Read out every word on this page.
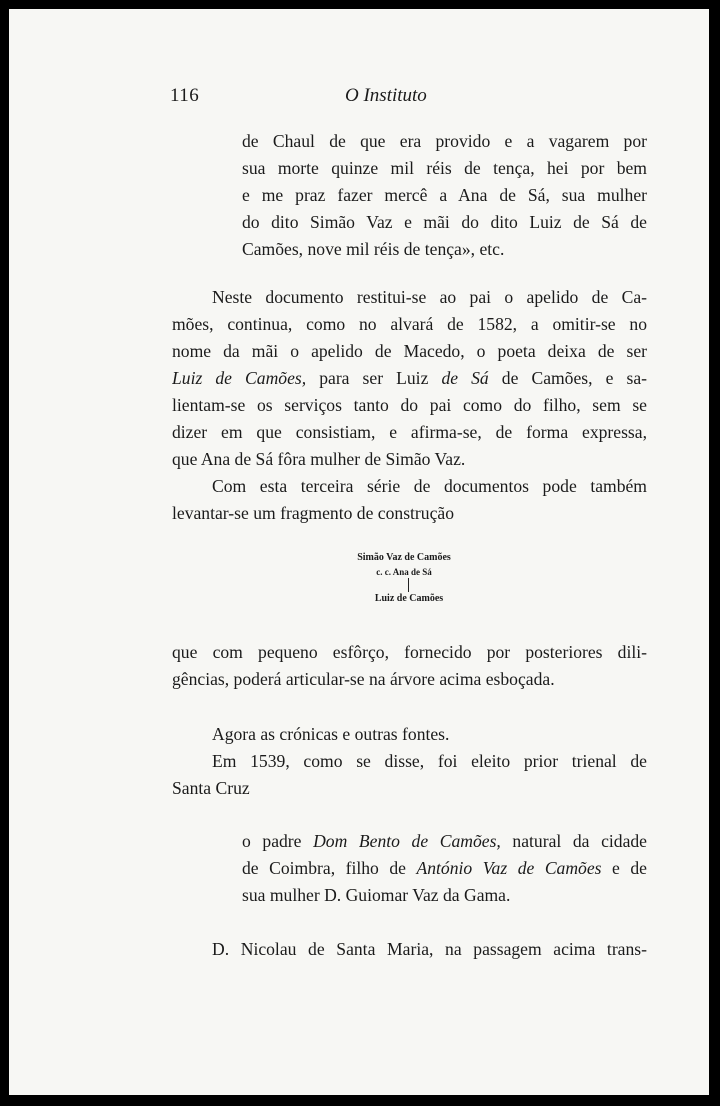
116	O Instituto
de Chaul de que era provido e a vagarem por
sua morte quinze mil réis de tença, hei por bem
e me praz fazer mercê a Ana de Sá, sua mulher
do dito Simão Vaz e mãi do dito Luiz de Sá de
Camões, nove mil réis de tença», etc.
Neste documento restitui-se ao pai o apelido de Ca-
mões, continua, como no alvará de 1582, a omitir-se no
nome da mãi o apelido de Macedo, o poeta deixa de ser
Luiz de Camões, para ser Luiz de Sá de Camões, e sa-
lientam-se os serviços tanto do pai como do filho, sem se
dizer em que consistiam, e afirma-se, de forma expressa,
que Ana de Sá fôra mulher de Simão Vaz.
Com esta terceira série de documentos pode também
levantar-se um fragmento de construção
Simão Vaz de Camões
c. c. Ana de Sá
Luiz de Camões
que com pequeno esfôrço, fornecido por posteriores dili-
gências, poderá articular-se na árvore acima esboçada.
Agora as crónicas e outras fontes.
Em 1539, como se disse, foi eleito prior trienal de
Santa Cruz
o padre Dom Bento de Camões, natural da cidade
de Coimbra, filho de António Vaz de Camões e de
sua mulher D. Guiomar Vaz da Gama.
D. Nicolau de Santa Maria, na passagem acima trans-
